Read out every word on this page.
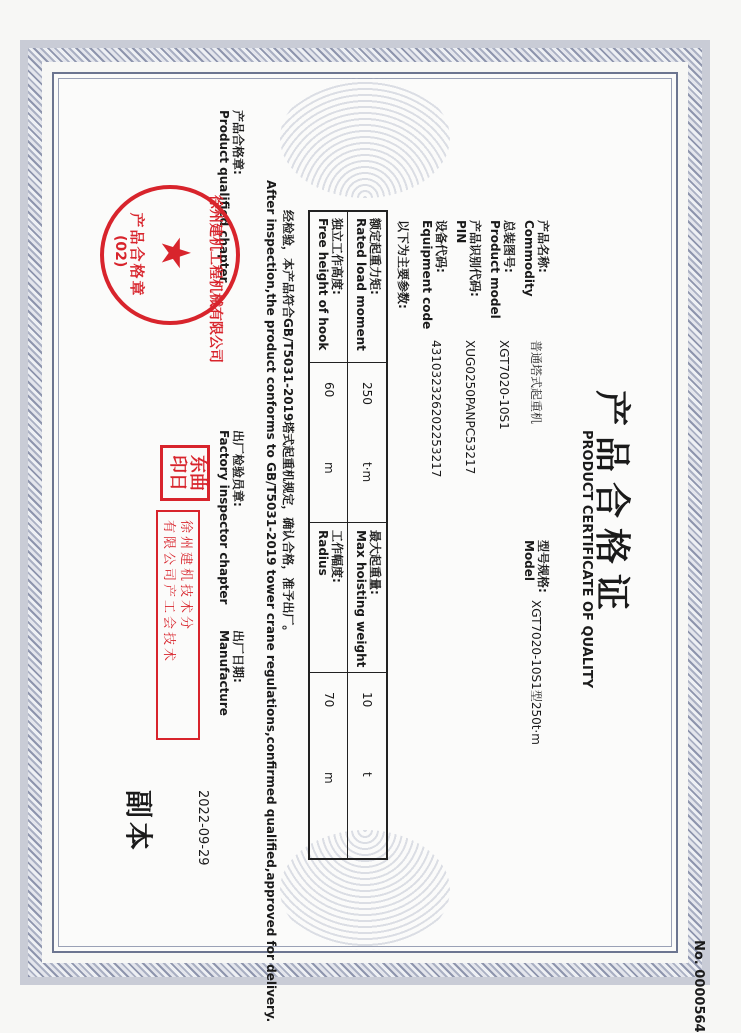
No. 0000564
产品合格证
PRODUCT CERTIFICATE OF QUALITY
产品名称:
Commodity
普通塔式起重机
型号规格:
Model
XGT7020-10S1型250t·m
总装图号:
Product model
XGT7020-10S1
产品识别代码:
PIN
XUG0250PANPC53217
设备代码:
Equipment code
43103232620225321​7
以下为主要参数:
额定起重力矩:
Rated load moment
250
t·m
最大起重量:
Max hoisting weight
10
t
独立工作高度:
Free height of hook
60
m
工作幅度:
Radius
70
m
经检验，本产品符合GB/T5031-2019塔式起重机规定，确认合格，准予出厂。
After inspection,the product conforms to GB/T5031-2019 tower crane regulations,confirmed qualified,approved for delivery.
产品合格章:
Product qualified chapter
出厂检验员章:
Factory inspector chapter
出厂日期:
Manufacture
2022-09-29
徐州建机工程机械有限公司
★
产品合格章
(02)
东曲
印日
徐州建机技术分
有限公司产工会技术
副本
